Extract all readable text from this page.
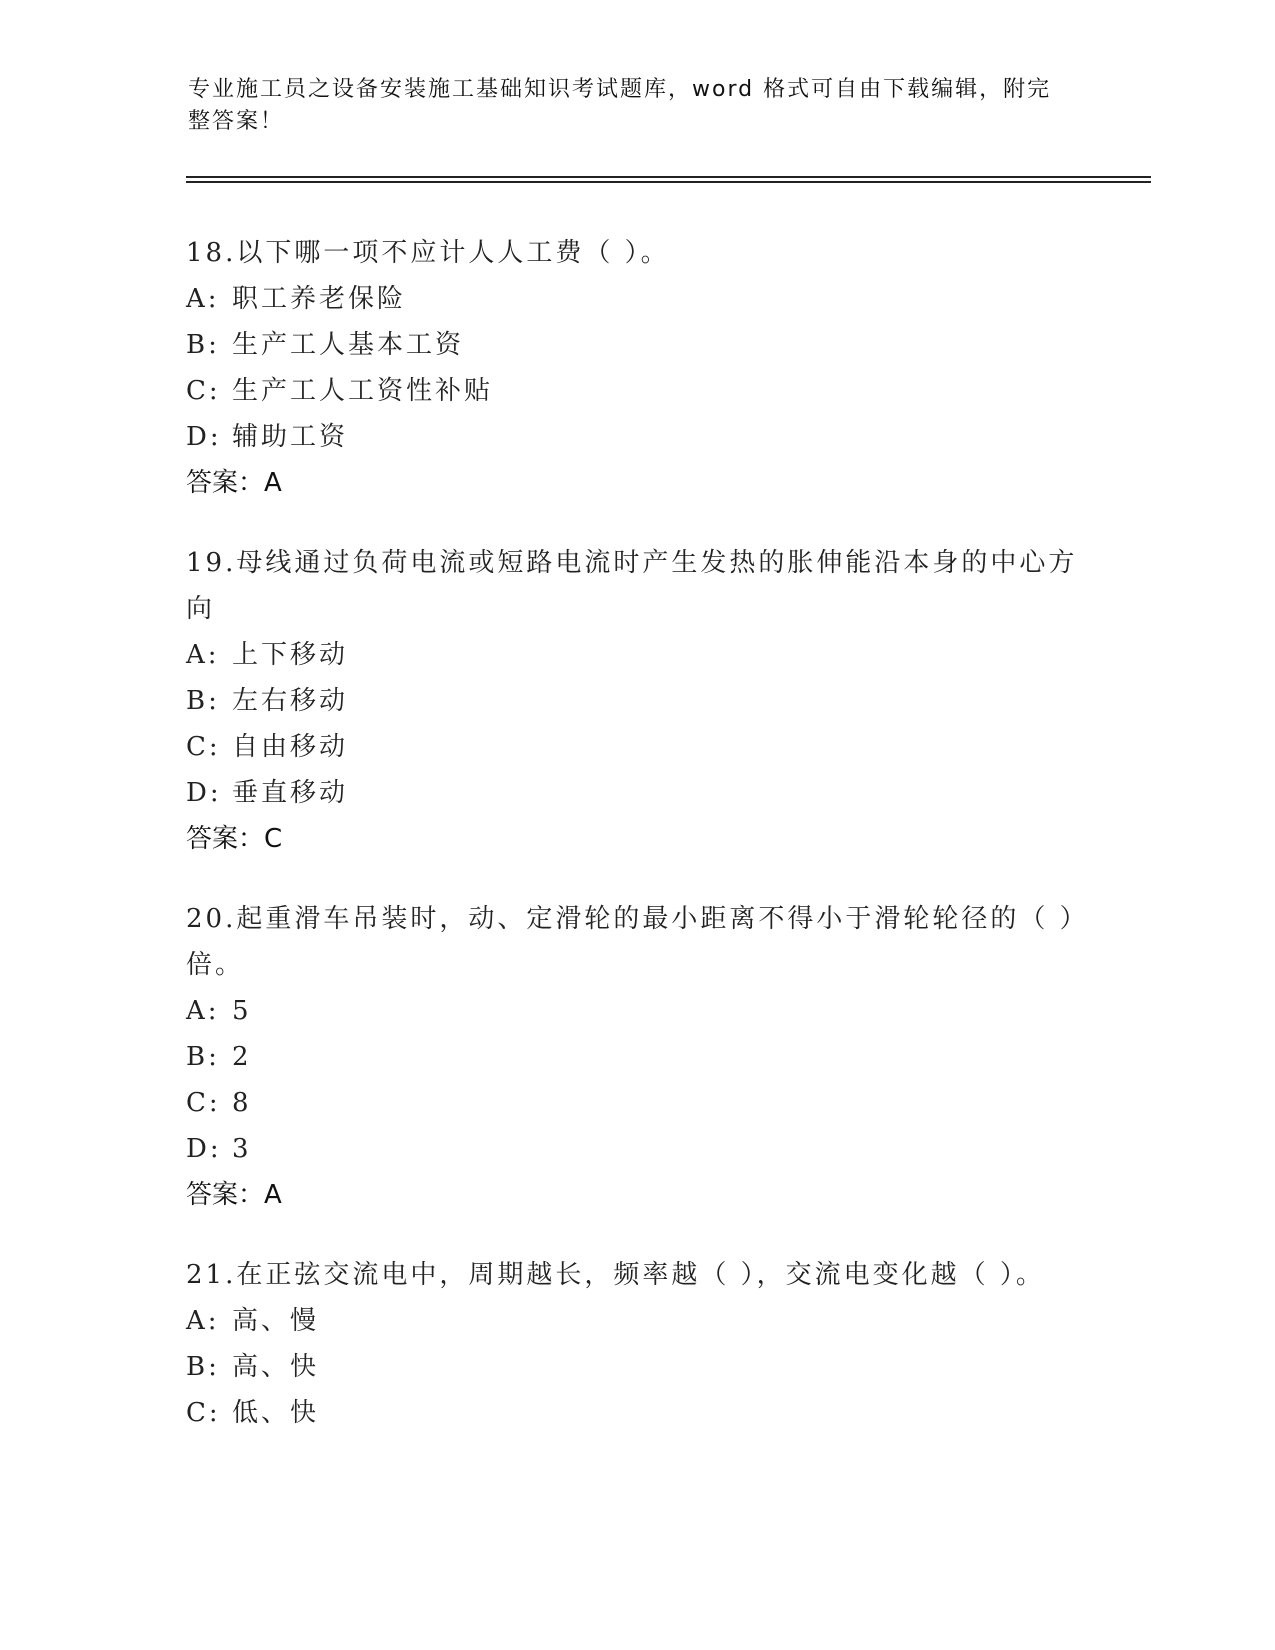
专业施工员之设备安装施工基础知识考试题库，word 格式可自由下载编辑，附完整答案！
18.以下哪一项不应计人人工费（ ）。
A: 职工养老保险
B: 生产工人基本工资
C: 生产工人工资性补贴
D: 辅助工资
答案：A
19.母线通过负荷电流或短路电流时产生发热的胀伸能沿本身的中心方向
A: 上下移动
B: 左右移动
C: 自由移动
D: 垂直移动
答案：C
20.起重滑车吊装时，动、定滑轮的最小距离不得小于滑轮轮径的（ ）倍。
A: 5
B: 2
C: 8
D: 3
答案：A
21.在正弦交流电中，周期越长，频率越（ ），交流电变化越（ ）。
A: 高、慢
B: 高、快
C: 低、快
